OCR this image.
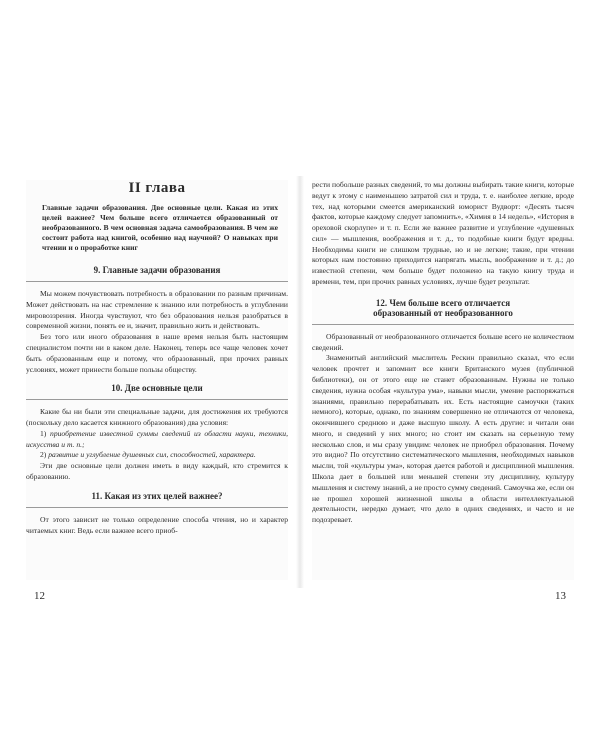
II глава
Главные задачи образования. Две основные цели. Какая из этих целей важнее? Чем больше всего отличается образованный от необразованного. В чем основная задача самообразования. В чем же состоит работа над книгой, особенно над научной? О навыках при чтении и о проработке книг
9. Главные задачи образования

Мы можем почувствовать потребность в образовании по разным причинам. Может действовать на нас стремление к знанию или потребность в углублении мировоззрения. Иногда чувствуют, что без образования нельзя разобраться в современной жизни, понять ее и, значит, правильно жить и действовать.

Без того или иного образования в наше время нельзя быть настоящим специалистом почти ни в каком деле. Наконец, теперь все чаще человек хочет быть образованным еще и потому, что образованный, при прочих равных условиях, может принести больше пользы обществу.

10. Две основные цели

Какие бы ни были эти специальные задачи, для достижения их требуются (поскольку дело касается книжного образования) два условия:

1) приобретение известной суммы сведений из области науки, техники, искусства и т. п.;

2) развитие и углубление душевных сил, способностей, характера.

Эти две основные цели должен иметь в виду каждый, кто стремится к образованию.

11. Какая из этих целей важнее?

От этого зависит не только определение способа чтения, но и характер читаемых книг. Ведь если важнее всего приоб-

12

рести побольше разных сведений, то мы должны выбирать такие книги, которые ведут к этому с наименьшею затратой сил и труда, т. е. наиболее легкие, вроде тех, над которыми смеется американский юморист Вудворт: «Десять тысяч фактов, которые каждому следует запомнить», «Химия в 14 недель», «История в ореховой скорлупе» и т. п. Если же важнее развитие и углубление «душевных сил» — мышления, воображения и т. д., то подобные книги будут вредны. Необходимы книги не слишком трудные, но и не легкие; такие, при чтении которых нам постоянно приходится напрягать мысль, воображение и т. д.; до известной степени, чем больше будет положено на такую книгу труда и времени, тем, при прочих равных условиях, лучше будет результат.

12. Чем больше всего отличается
образованный от необразованного

Образованный от необразованного отличается больше всего не количеством сведений.

Знаменитый английский мыслитель Рескин правильно сказал, что если человек прочтет и запомнит все книги Британского музея (публичной библиотеки), он от этого еще не станет образованным. Нужны не только сведения, нужна особая «культура ума», навыки мысли, умение распоряжаться знаниями, правильно перерабатывать их. Есть настоящие самоучки (таких немного), которые, однако, по знаниям совершенно не отличаются от человека, окончившего среднюю и даже высшую школу. А есть другие: и читали они много, и сведений у них много; но стоит им сказать на серьезную тему несколько слов, и мы сразу увидим: человек не приобрел образования. Почему это видно? По отсутствию систематического мышления, необходимых навыков мысли, той «культуры ума», которая дается работой и дисциплиной мышления. Школа дает в большей или меньшей степени эту дисциплину, культуру мышления и систему знаний, а не просто сумму сведений. Самоучка же, если он не прошел хорошей жизненной школы в области интеллектуальной деятельности, нередко думает, что дело в одних сведениях, и часто и не подозревает.

13
